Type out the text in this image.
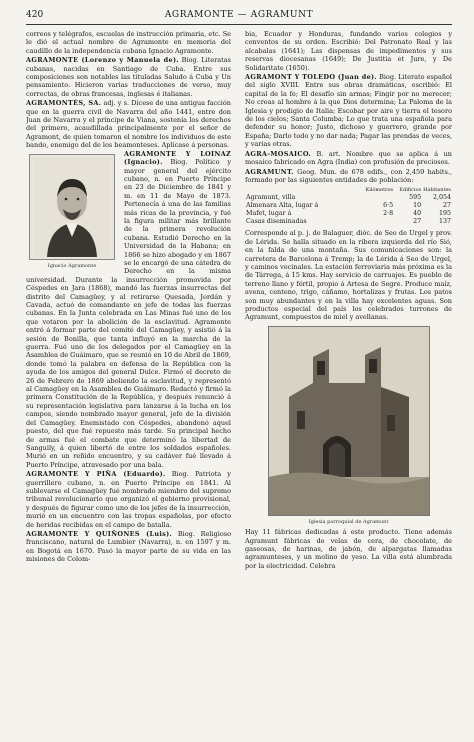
420	AGRAMONTE — AGRAMUNT

correos y telégrafos, escuelas de instrucción primaria, etc. Se le dió el actual nombre de Agramonte en memoria del caudillo de la independencia cubana Ignacio Agramonte.

AGRAMONTE (Lorenzo y Manuela de). Biog. Literatas cubanas, nacidas en Santiago de Cuba. Entre sus composiciones son notables las tituladas Saludo á Cuba y Un pensamiento. Hicieron varias traducciones de verso, muy correctas, de obras francesas, inglesas é italianas.

AGRAMONTÉS, SA. adj. y s. Dícese de una antigua facción que en la guerra civil de Navarra del año 1441, entre don Juan de Navarra y el príncipe de Viana, sostenía los derechos del primero, acaudillada principalmente por el señor de Agramont, de quien tomaron el nombre los individuos de este bando, enemigo del de los beamonteses. Aplícase á personas.

Ignacio Agramonte

AGRAMONTE Y LOINAZ (Ignacio). Biog. Político y mayor general del ejército cubano, n. en Puerto Príncipe en 23 de Diciembre de 1841 y m. en 11 de Mayo de 1873. Pertenecía á una de las familias más ricas de la provincia, y fué la figura militar más brillante de la primera revolución cubana. Estudió Derecho en la Universidad de la Habana; en 1866 se hizo abogado y en 1867 se le encargó de una cátedra de Derecho en la misma universidad. Durante la insurrección promovida por Céspedes en Jara (1868), mandó las fuerzas insurrectas del distrito del Camagüey, y al retirarse Quesada, Jordán y Cavada, actuó de comandante en jefe de todas las fuerzas cubanas. En la Junta celebrada en Las Minas fué uno de los que votaron por la abolición de la esclavitud. Agramonte entró á formar parte del comité del Camagüey, y asistió á la sesión de Bonilla, que tanta influyó en la marcha de la guerra. Fué uno de los delegados por el Camagüey en la Asamblea de Guáimaro, que se reunió en 10 de Abril de 1869, donde tomó la palabra en defensa de la República con la ayuda de los amigos del general Dulce. Firmó el decreto de 26 de Febrero de 1869 aboliendo la esclavitud, y representó al Camagüey en la Asamblea de Guáimaro. Redactó y firmó la primera Constitución de la República, y después renunció á su representación legislativa para lanzarse á la lucha en los campos, siendo nombrado mayor general, jefe de la división del Camagüey. Enemistado con Céspedes, abandonó aquel puesto, del que fué repuesto más tarde. Su principal hecho de armas fué el combate que determinó la libertad de Sanguily, á quien libertó de entre los soldados españoles. Murió en un reñido encuentro, y su cadáver fué llevado á Puerto Príncipe, atravesado por una bala.

AGRAMONTE Y PIÑA (Eduardo). Biog. Patriota y guerrillero cubano, n. en Puerto Príncipe en 1841. Al sublevarse el Camagüey fué nombrado miembro del supremo tribunal revolucionario que organizó el gobierno provisional, y después de figurar como uno de los jefes de la insurrección, murió en un encuentro con las tropas españolas, por efecto de heridas recibidas en el campo de batalla.

AGRAMONTE Y QUIÑONES (Luis). Biog. Religioso franciscano, natural de Lumbier (Navarra), n. en 1597 y m. en Bogotá en 1670. Pasó la mayor parte de su vida en las misiones de Colom-

bia, Ecuador y Honduras, fundando varios colegios y conventos de su orden. Escribió: Del Patronato Real y las alcabalas (1641); Las dispensas de impedimentos y sus reservas diocesanas (1649); De Justitia et Jure, y De Solidaritate (1650).

AGRAMONT Y TOLEDO (Juan de). Biog. Literato español del siglo XVIII. Entre sus obras dramáticas, escribió: El capital de la fe; El desafío sin armas; Fingir por no merecer; No creas al hombre á la que Dios determina; La Paloma de la Iglesia y prodigio de Italia; Escobar por aire y tierra el tesoro de los cielos; Santa Columba; Lo que trata una española para defender su honor; Justo, dichoso y guerrero, grande por España; Darlo todo y no dar nada; Pagar las prendas de veces, y varias otras.

AGRA-MOSAICO. B. art. Nombre que se aplica á un mosaico fabricado en Agra (India) con profusión de preciosos.

AGRAMUNT. Geog. Mun. de 678 edifs., con 2,459 habits., formado por las siguientes entidades de población:

	Kilómetros	Edificios	Habitantes
Agramunt, villa		595	2,054
Almenara Alta, lugar á	6·5	10	27
Mafet, lugar á	2·8	40	195
Casas diseminadas		27	137

Corresponde al p. j. de Balaguer, dióc. de Seo de Urgel y prov. de Lérida. Se halla situado en la ribera izquierda del río Sió, en la falda de una montaña. Sus comunicaciones son: la carretera de Barcelona á Tremp; la de Lérida á Seo de Urgel, y caminos vecinales. La estación ferroviaria más próxima es la de Tárrega, á 15 kms. Hay servicio de carruajes. Es pueblo de terreno llano y fértil, propio á Artesa de Segre. Produce maíz, avena, centeno, trigo, cáñamo, hortalizas y frutas. Los patos son muy abundantes y en la villa hay excelentes aguas. Son productos especial del país los celebrados turrones de Agramunt, compuestos de miel y avellanas.

Iglesia parroquial de Agramunt

Hay 11 fábricas dedicadas á este producto. Tiene además Agramunt fábricas de velas de cera, de chocolate, de gaseosas, de harinas, de jabón, de alpargatas llamadas agramunteses, y un molino de yeso. La villa está alumbrada por la electricidad. Celebra
